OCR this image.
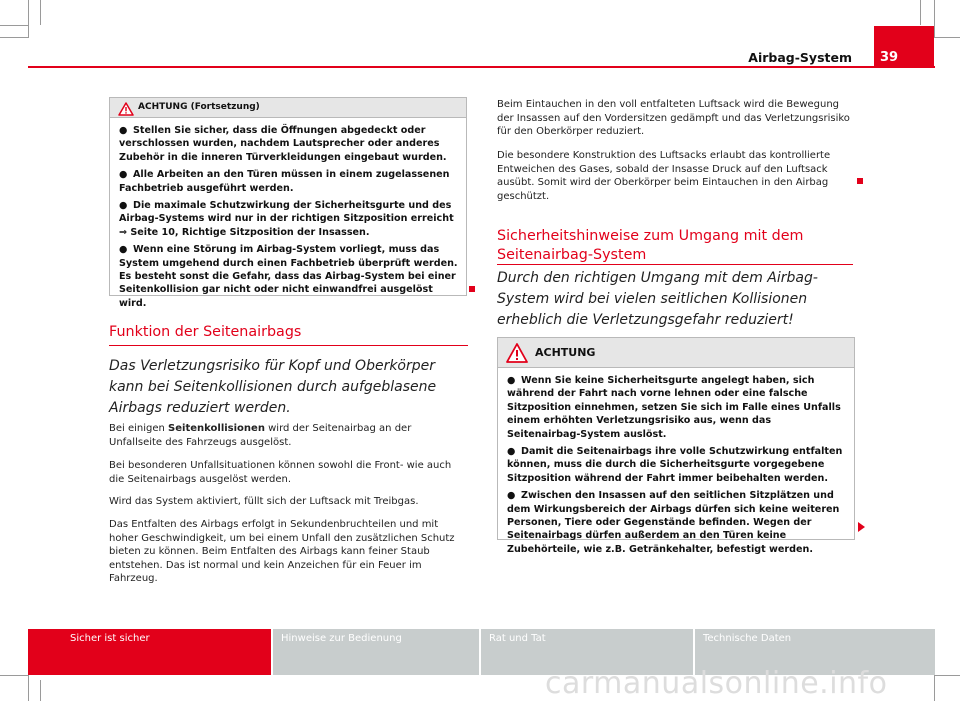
Airbag-System	39
ACHTUNG (Fortsetzung)
● Stellen Sie sicher, dass die Öffnungen abgedeckt oder verschlossen wurden, nachdem Lautsprecher oder anderes Zubehör in die inneren Türverkleidungen eingebaut wurden.
● Alle Arbeiten an den Türen müssen in einem zugelassenen Fachbetrieb ausgeführt werden.
● Die maximale Schutzwirkung der Sicherheitsgurte und des Airbag-Systems wird nur in der richtigen Sitzposition erreicht ⇒ Seite 10, Richtige Sitzposition der Insassen.
● Wenn eine Störung im Airbag-System vorliegt, muss das System umgehend durch einen Fachbetrieb überprüft werden. Es besteht sonst die Gefahr, dass das Airbag-System bei einer Seitenkollision gar nicht oder nicht einwandfrei ausgelöst wird.
Funktion der Seitenairbags
Das Verletzungsrisiko für Kopf und Oberkörper kann bei Seitenkollisionen durch aufgeblasene Airbags reduziert werden.
Bei einigen Seitenkollisionen wird der Seitenairbag an der Unfallseite des Fahrzeugs ausgelöst.
Bei besonderen Unfallsituationen können sowohl die Front- wie auch die Seitenairbags ausgelöst werden.
Wird das System aktiviert, füllt sich der Luftsack mit Treibgas.
Das Entfalten des Airbags erfolgt in Sekundenbruchteilen und mit hoher Geschwindigkeit, um bei einem Unfall den zusätzlichen Schutz bieten zu können. Beim Entfalten des Airbags kann feiner Staub entstehen. Das ist normal und kein Anzeichen für ein Feuer im Fahrzeug.
Beim Eintauchen in den voll entfalteten Luftsack wird die Bewegung der Insassen auf den Vordersitzen gedämpft und das Verletzungsrisiko für den Oberkörper reduziert.
Die besondere Konstruktion des Luftsacks erlaubt das kontrollierte Entweichen des Gases, sobald der Insasse Druck auf den Luftsack ausübt. Somit wird der Oberkörper beim Eintauchen in den Airbag geschützt.
Sicherheitshinweise zum Umgang mit dem Seitenairbag-System
Durch den richtigen Umgang mit dem Airbag-System wird bei vielen seitlichen Kollisionen erheblich die Verletzungsgefahr reduziert!
ACHTUNG
● Wenn Sie keine Sicherheitsgurte angelegt haben, sich während der Fahrt nach vorne lehnen oder eine falsche Sitzposition einnehmen, setzen Sie sich im Falle eines Unfalls einem erhöhten Verletzungsrisiko aus, wenn das Seitenairbag-System auslöst.
● Damit die Seitenairbags ihre volle Schutzwirkung entfalten können, muss die durch die Sicherheitsgurte vorgegebene Sitzposition während der Fahrt immer beibehalten werden.
● Zwischen den Insassen auf den seitlichen Sitzplätzen und dem Wirkungsbereich der Airbags dürfen sich keine weiteren Personen, Tiere oder Gegenstände befinden. Wegen der Seitenairbags dürfen außerdem an den Türen keine Zubehörteile, wie z.B. Getränkehalter, befestigt werden.
Sicher ist sicher	Hinweise zur Bedienung	Rat und Tat	Technische Daten
carmanualsonline.info
